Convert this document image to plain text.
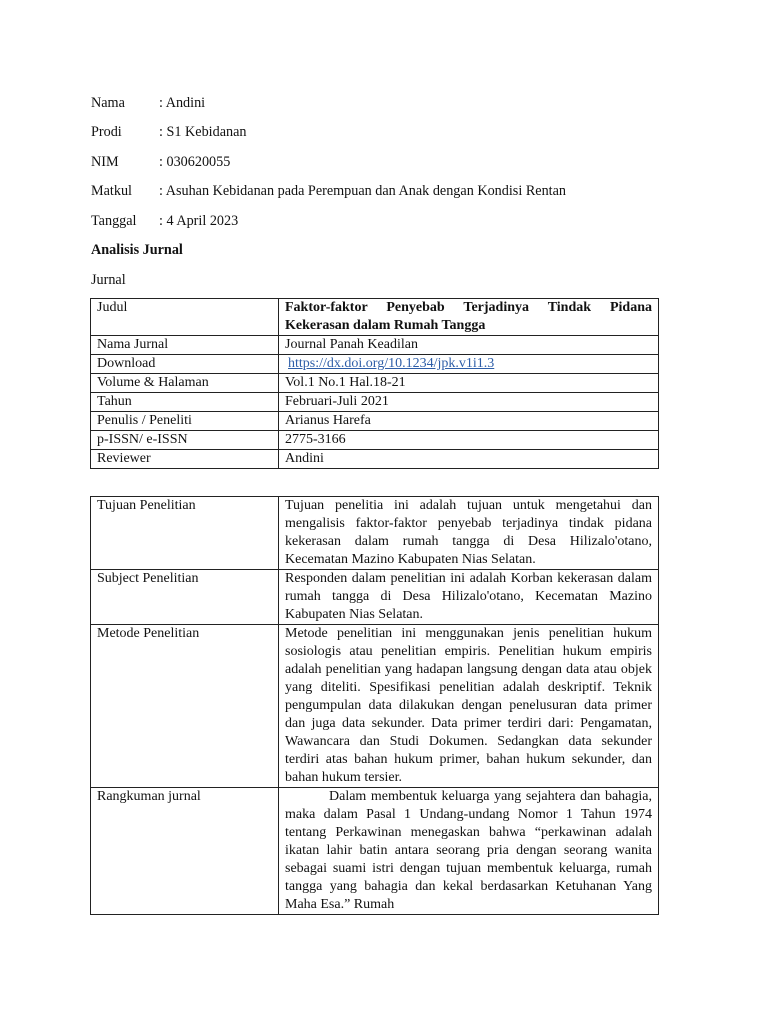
Nama : Andini
Prodi	: S1 Kebidanan
NIM	: 030620055
Matkul : Asuhan Kebidanan pada Perempuan dan Anak dengan Kondisi Rentan
Tanggal : 4 April 2023
Analisis Jurnal
Jurnal
Judul	Faktor-faktor Penyebab Terjadinya Tindak Pidana Kekerasan dalam Rumah Tangga
Nama Jurnal	Journal Panah Keadilan
Download	https://dx.doi.org/10.1234/jpk.v1i1.3
Volume & Halaman	Vol.1 No.1 Hal.18-21
Tahun	Februari-Juli 2021
Penulis / Peneliti	Arianus Harefa
p-ISSN/ e-ISSN	2775-3166
Reviewer	Andini
Tujuan Penelitian	Tujuan penelitia ini adalah tujuan untuk mengetahui dan mengalisis faktor-faktor penyebab terjadinya tindak pidana kekerasan dalam rumah tangga di Desa Hilizalo'otano, Kecematan Mazino Kabupaten Nias Selatan.
Subject Penelitian	Responden dalam penelitian ini adalah Korban kekerasan dalam rumah tangga di Desa Hilizalo'otano, Kecematan Mazino Kabupaten Nias Selatan.
Metode Penelitian	Metode penelitian ini menggunakan jenis penelitian hukum sosiologis atau penelitian empiris. Penelitian hukum empiris adalah penelitian yang hadapan langsung dengan data atau objek yang diteliti. Spesifikasi penelitian adalah deskriptif. Teknik pengumpulan data dilakukan dengan penelusuran data primer dan juga data sekunder. Data primer terdiri dari: Pengamatan, Wawancara dan Studi Dokumen. Sedangkan data sekunder terdiri atas bahan hukum primer, bahan hukum sekunder, dan bahan hukum tersier.
Rangkuman jurnal	Dalam membentuk keluarga yang sejahtera dan bahagia, maka dalam Pasal 1 Undang-undang Nomor 1 Tahun 1974 tentang Perkawinan menegaskan bahwa “perkawinan adalah ikatan lahir batin antara seorang pria dengan seorang wanita sebagai suami istri dengan tujuan membentuk keluarga, rumah tangga yang bahagia dan kekal berdasarkan Ketuhanan Yang Maha Esa.” Rumah
